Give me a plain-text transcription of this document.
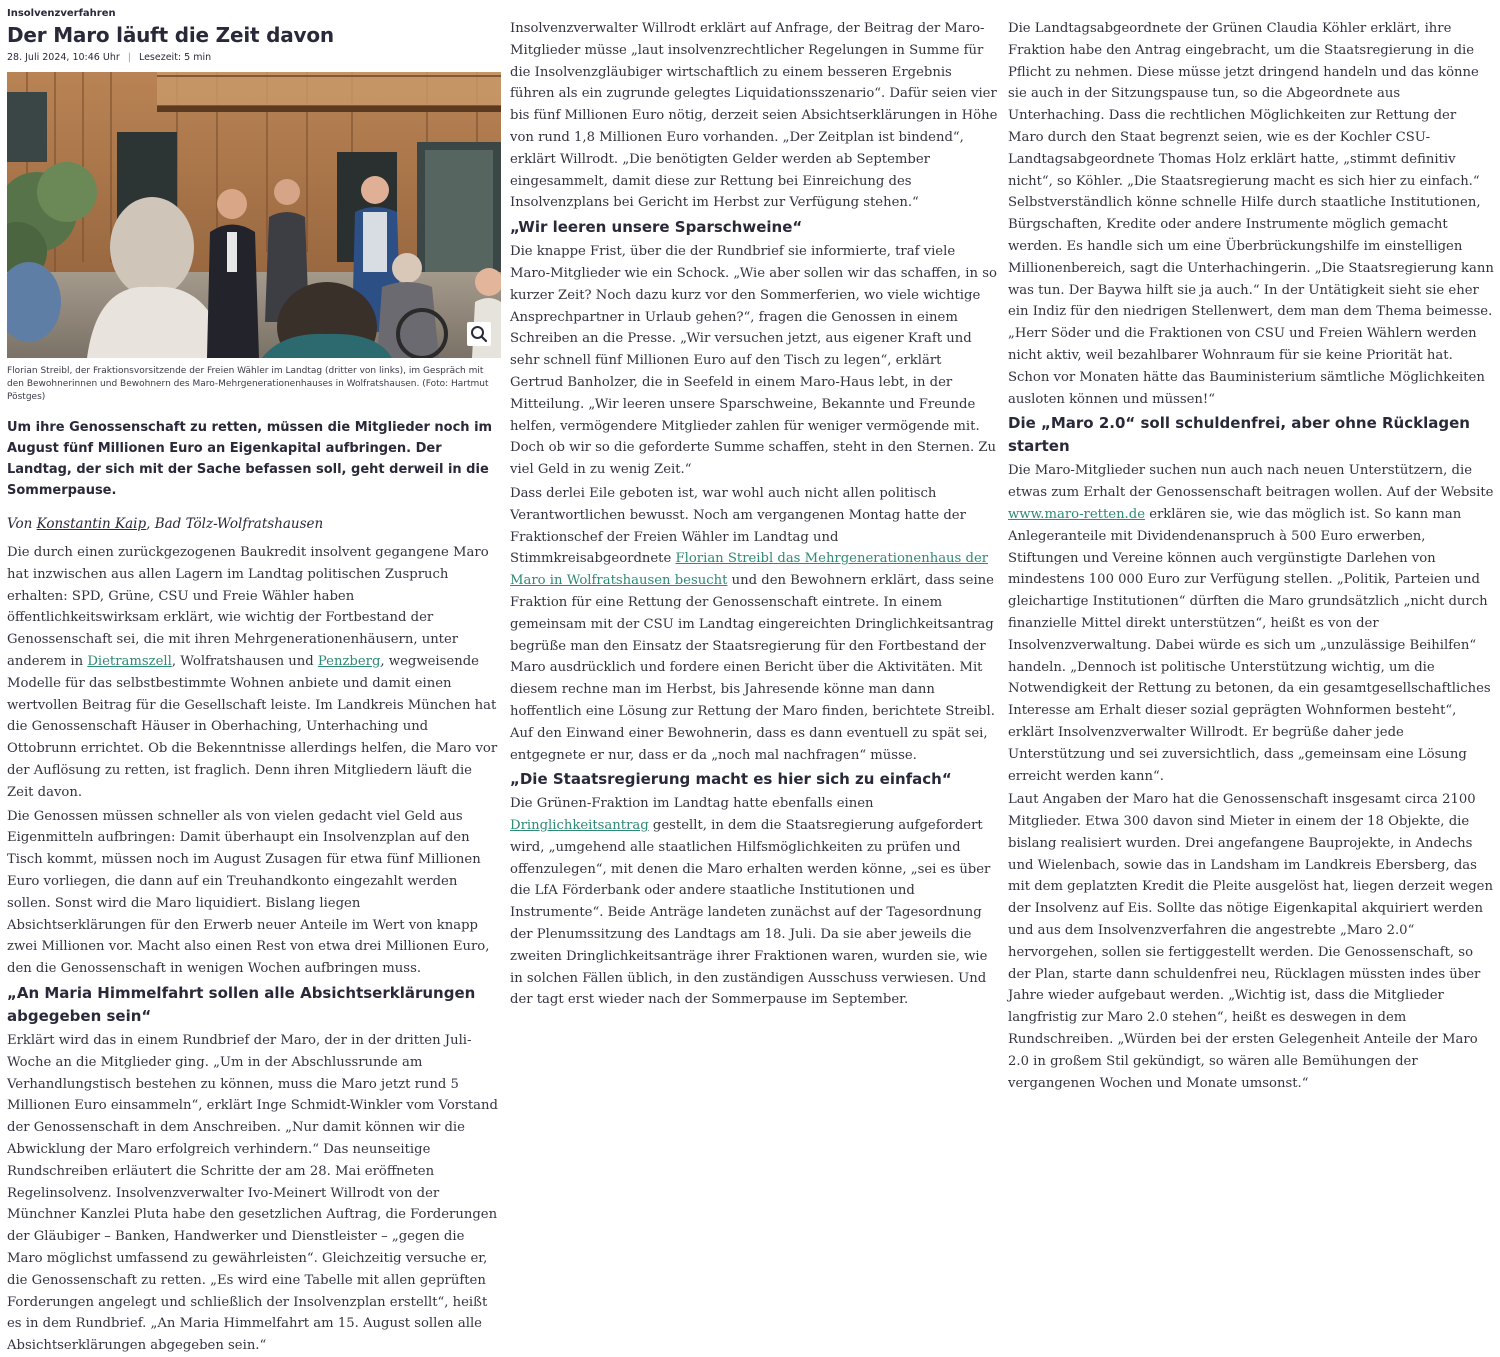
Insolvenzverfahren
Der Maro läuft die Zeit davon
28. Juli 2024, 10:46 Uhr | Lesezeit: 5 min
Florian Streibl, der Fraktionsvorsitzende der Freien Wähler im Landtag (dritter von links), im Gespräch mit den Bewohnerinnen und Bewohnern des Maro-Mehrgenerationenhauses in Wolfratshausen. (Foto: Hartmut Pöstges)
Um ihre Genossenschaft zu retten, müssen die Mitglieder noch im August fünf Millionen Euro an Eigenkapital aufbringen. Der Landtag, der sich mit der Sache befassen soll, geht derweil in die Sommerpause.
Von Konstantin Kaip, Bad Tölz-Wolfratshausen

Die durch einen zurückgezogenen Baukredit insolvent gegangene Maro hat inzwischen aus allen Lagern im Landtag politischen Zuspruch erhalten: SPD, Grüne, CSU und Freie Wähler haben öffentlichkeitswirksam erklärt, wie wichtig der Fortbestand der Genossenschaft sei, die mit ihren Mehrgenerationenhäusern, unter anderem in Dietramszell, Wolfratshausen und Penzberg, wegweisende Modelle für das selbstbestimmte Wohnen anbiete und damit einen wertvollen Beitrag für die Gesellschaft leiste. Im Landkreis München hat die Genossenschaft Häuser in Oberhaching, Unterhaching und Ottobrunn errichtet. Ob die Bekenntnisse allerdings helfen, die Maro vor der Auflösung zu retten, ist fraglich. Denn ihren Mitgliedern läuft die Zeit davon.

Die Genossen müssen schneller als von vielen gedacht viel Geld aus Eigenmitteln aufbringen: Damit überhaupt ein Insolvenzplan auf den Tisch kommt, müssen noch im August Zusagen für etwa fünf Millionen Euro vorliegen, die dann auf ein Treuhandkonto eingezahlt werden sollen. Sonst wird die Maro liquidiert. Bislang liegen Absichtserklärungen für den Erwerb neuer Anteile im Wert von knapp zwei Millionen vor. Macht also einen Rest von etwa drei Millionen Euro, den die Genossenschaft in wenigen Wochen aufbringen muss.

„An Maria Himmelfahrt sollen alle Absichtserklärungen abgegeben sein“

Erklärt wird das in einem Rundbrief der Maro, der in der dritten Juli-Woche an die Mitglieder ging. „Um in der Abschlussrunde am Verhandlungstisch bestehen zu können, muss die Maro jetzt rund 5 Millionen Euro einsammeln“, erklärt Inge Schmidt-Winkler vom Vorstand der Genossenschaft in dem Anschreiben. „Nur damit können wir die Abwicklung der Maro erfolgreich verhindern.“ Das neunseitige Rundschreiben erläutert die Schritte der am 28. Mai eröffneten Regelinsolvenz. Insolvenzverwalter Ivo-Meinert Willrodt von der Münchner Kanzlei Pluta habe den gesetzlichen Auftrag, die Forderungen der Gläubiger – Banken, Handwerker und Dienstleister – „gegen die Maro möglichst umfassend zu gewährleisten“. Gleichzeitig versuche er, die Genossenschaft zu retten. „Es wird eine Tabelle mit allen geprüften Forderungen angelegt und schließlich der Insolvenzplan erstellt“, heißt es in dem Rundbrief. „An Maria Himmelfahrt am 15. August sollen alle Absichtserklärungen abgegeben sein.“

Insolvenzverwalter Willrodt erklärt auf Anfrage, der Beitrag der Maro-Mitglieder müsse „laut insolvenzrechtlicher Regelungen in Summe für die Insolvenzgläubiger wirtschaftlich zu einem besseren Ergebnis führen als ein zugrunde gelegtes Liquidationsszenario“. Dafür seien vier bis fünf Millionen Euro nötig, derzeit seien Absichtserklärungen in Höhe von rund 1,8 Millionen Euro vorhanden. „Der Zeitplan ist bindend“, erklärt Willrodt. „Die benötigten Gelder werden ab September eingesammelt, damit diese zur Rettung bei Einreichung des Insolvenzplans bei Gericht im Herbst zur Verfügung stehen.“

„Wir leeren unsere Sparschweine“

Die knappe Frist, über die der Rundbrief sie informierte, traf viele Maro-Mitglieder wie ein Schock. „Wie aber sollen wir das schaffen, in so kurzer Zeit? Noch dazu kurz vor den Sommerferien, wo viele wichtige Ansprechpartner in Urlaub gehen?“, fragen die Genossen in einem Schreiben an die Presse. „Wir versuchen jetzt, aus eigener Kraft und sehr schnell fünf Millionen Euro auf den Tisch zu legen“, erklärt Gertrud Banholzer, die in Seefeld in einem Maro-Haus lebt, in der Mitteilung. „Wir leeren unsere Sparschweine, Bekannte und Freunde helfen, vermögendere Mitglieder zahlen für weniger vermögende mit. Doch ob wir so die geforderte Summe schaffen, steht in den Sternen. Zu viel Geld in zu wenig Zeit.“

Dass derlei Eile geboten ist, war wohl auch nicht allen politisch Verantwortlichen bewusst. Noch am vergangenen Montag hatte der Fraktionschef der Freien Wähler im Landtag und Stimmkreisabgeordnete Florian Streibl das Mehrgenerationenhaus der Maro in Wolfratshausen besucht und den Bewohnern erklärt, dass seine Fraktion für eine Rettung der Genossenschaft eintrete. In einem gemeinsam mit der CSU im Landtag eingereichten Dringlichkeitsantrag begrüße man den Einsatz der Staatsregierung für den Fortbestand der Maro ausdrücklich und fordere einen Bericht über die Aktivitäten. Mit diesem rechne man im Herbst, bis Jahresende könne man dann hoffentlich eine Lösung zur Rettung der Maro finden, berichtete Streibl. Auf den Einwand einer Bewohnerin, dass es dann eventuell zu spät sei, entgegnete er nur, dass er da „noch mal nachfragen“ müsse.

„Die Staatsregierung macht es hier sich zu einfach“

Die Grünen-Fraktion im Landtag hatte ebenfalls einen Dringlichkeitsantrag gestellt, in dem die Staatsregierung aufgefordert wird, „umgehend alle staatlichen Hilfsmöglichkeiten zu prüfen und offenzulegen“, mit denen die Maro erhalten werden könne, „sei es über die LfA Förderbank oder andere staatliche Institutionen und Instrumente“. Beide Anträge landeten zunächst auf der Tagesordnung der Plenumssitzung des Landtags am 18. Juli. Da sie aber jeweils die zweiten Dringlichkeitsanträge ihrer Fraktionen waren, wurden sie, wie in solchen Fällen üblich, in den zuständigen Ausschuss verwiesen. Und der tagt erst wieder nach der Sommerpause im September.

Die Landtagsabgeordnete der Grünen Claudia Köhler erklärt, ihre Fraktion habe den Antrag eingebracht, um die Staatsregierung in die Pflicht zu nehmen. Diese müsse jetzt dringend handeln und das könne sie auch in der Sitzungspause tun, so die Abgeordnete aus Unterhaching. Dass die rechtlichen Möglichkeiten zur Rettung der Maro durch den Staat begrenzt seien, wie es der Kochler CSU-Landtagsabgeordnete Thomas Holz erklärt hatte, „stimmt definitiv nicht“, so Köhler. „Die Staatsregierung macht es sich hier zu einfach.“ Selbstverständlich könne schnelle Hilfe durch staatliche Institutionen, Bürgschaften, Kredite oder andere Instrumente möglich gemacht werden. Es handle sich um eine Überbrückungshilfe im einstelligen Millionenbereich, sagt die Unterhachingerin. „Die Staatsregierung kann was tun. Der Baywa hilft sie ja auch.“ In der Untätigkeit sieht sie eher ein Indiz für den niedrigen Stellenwert, dem man dem Thema beimesse. „Herr Söder und die Fraktionen von CSU und Freien Wählern werden nicht aktiv, weil bezahlbarer Wohnraum für sie keine Priorität hat. Schon vor Monaten hätte das Bauministerium sämtliche Möglichkeiten ausloten können und müssen!“

Die „Maro 2.0“ soll schuldenfrei, aber ohne Rücklagen starten

Die Maro-Mitglieder suchen nun auch nach neuen Unterstützern, die etwas zum Erhalt der Genossenschaft beitragen wollen. Auf der Website www.maro-retten.de erklären sie, wie das möglich ist. So kann man Anlegeranteile mit Dividendenanspruch à 500 Euro erwerben, Stiftungen und Vereine können auch vergünstigte Darlehen von mindestens 100 000 Euro zur Verfügung stellen. „Politik, Parteien und gleichartige Institutionen“ dürften die Maro grundsätzlich „nicht durch finanzielle Mittel direkt unterstützen“, heißt es von der Insolvenzverwaltung. Dabei würde es sich um „unzulässige Beihilfen“ handeln. „Dennoch ist politische Unterstützung wichtig, um die Notwendigkeit der Rettung zu betonen, da ein gesamtgesellschaftliches Interesse am Erhalt dieser sozial geprägten Wohnformen besteht“, erklärt Insolvenzverwalter Willrodt. Er begrüße daher jede Unterstützung und sei zuversichtlich, dass „gemeinsam eine Lösung erreicht werden kann“.

Laut Angaben der Maro hat die Genossenschaft insgesamt circa 2100 Mitglieder. Etwa 300 davon sind Mieter in einem der 18 Objekte, die bislang realisiert wurden. Drei angefangene Bauprojekte, in Andechs und Wielenbach, sowie das in Landsham im Landkreis Ebersberg, das mit dem geplatzten Kredit die Pleite ausgelöst hat, liegen derzeit wegen der Insolvenz auf Eis. Sollte das nötige Eigenkapital akquiriert werden und aus dem Insolvenzverfahren die angestrebte „Maro 2.0“ hervorgehen, sollen sie fertiggestellt werden. Die Genossenschaft, so der Plan, starte dann schuldenfrei neu, Rücklagen müssten indes über Jahre wieder aufgebaut werden. „Wichtig ist, dass die Mitglieder langfristig zur Maro 2.0 stehen“, heißt es deswegen in dem Rundschreiben. „Würden bei der ersten Gelegenheit Anteile der Maro 2.0 in großem Stil gekündigt, so wären alle Bemühungen der vergangenen Wochen und Monate umsonst.“
